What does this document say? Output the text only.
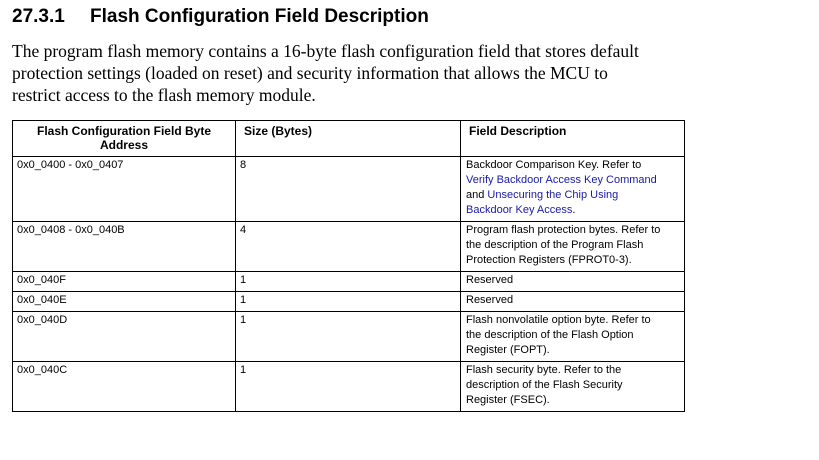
27.3.1 Flash Configuration Field Description
The program flash memory contains a 16-byte flash configuration field that stores default
protection settings (loaded on reset) and security information that allows the MCU to
restrict access to the flash memory module.
Flash Configuration Field Byte
Address	Size (Bytes)	Field Description
0x0_0400 - 0x0_0407	8	Backdoor Comparison Key. Refer to
Verify Backdoor Access Key Command
and Unsecuring the Chip Using
Backdoor Key Access.

0x0_0408 - 0x0_040B	4	Program flash protection bytes. Refer to
the description of the Program Flash
Protection Registers (FPROT0-3).

0x0_040F	1	Reserved
0x0_040E	1	Reserved
0x0_040D	1	Flash nonvolatile option byte. Refer to
the description of the Flash Option
Register (FOPT).

0x0_040C	1	Flash security byte. Refer to the
description of the Flash Security
Register (FSEC).
